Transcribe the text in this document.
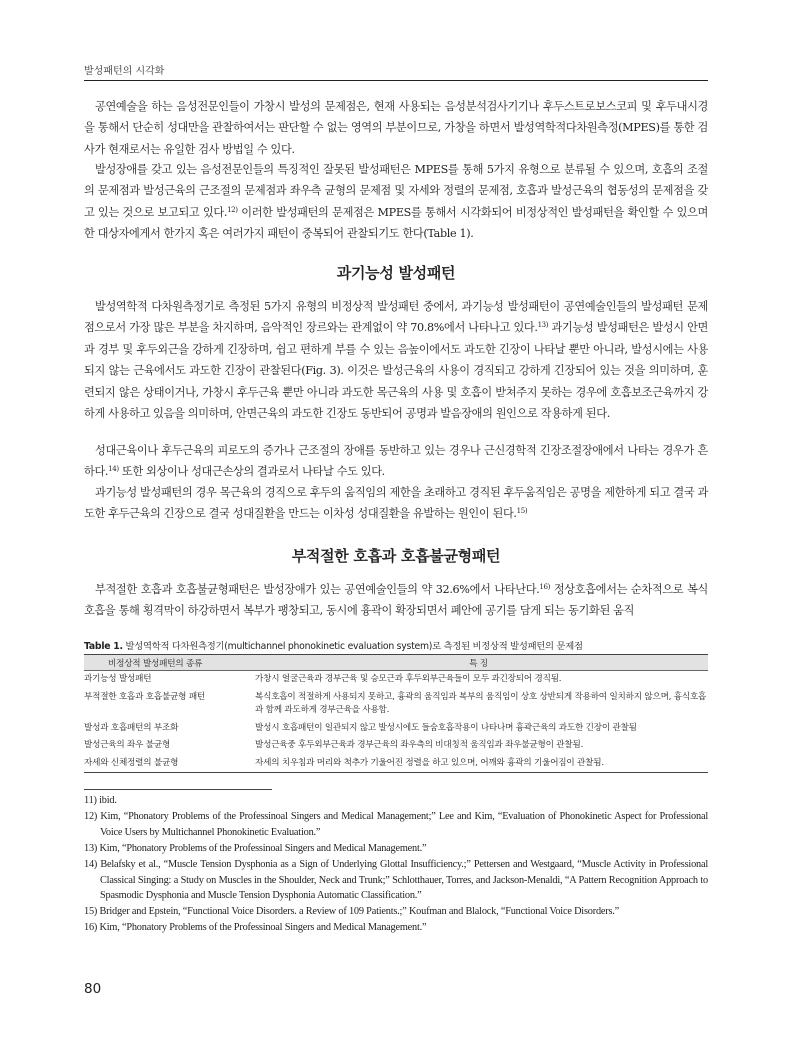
발성패턴의 시각화

공연예술을 하는 음성전문인들이 가창시 발성의 문제점은, 현재 사용되는 음성분석검사기기나 후두스트로보스코피 및 후두내시경을 통해서 단순히 성대만을 관찰하여서는 판단할 수 없는 영역의 부분이므로, 가창을 하면서 발성역학적다차원측정(MPES)를 통한 검사가 현재로서는 유일한 검사 방법일 수 있다.

발성장애를 갖고 있는 음성전문인들의 특징적인 잘못된 발성패턴은 MPES를 통해 5가지 유형으로 분류될 수 있으며, 호흡의 조절의 문제점과 발성근육의 근조절의 문제점과 좌우측 균형의 문제점 및 자세와 정렬의 문제점, 호흡과 발성근육의 협동성의 문제점을 갖고 있는 것으로 보고되고 있다.$^{12)}$ 이러한 발성패턴의 문제점은 MPES를 통해서 시각화되어 비정상적인 발성패턴을 확인할 수 있으며 한 대상자에게서 한가지 혹은 여러가지 패턴이 중복되어 관찰되기도 한다(Table 1).

과기능성 발성패턴

발성역학적 다차원측정기로 측정된 5가지 유형의 비정상적 발성패턴 중에서, 과기능성 발성패턴이 공연예술인들의 발성패턴 문제점으로서 가장 많은 부분을 차지하며, 음악적인 장르와는 관계없이 약 70.8%에서 나타나고 있다.$^{13)}$ 과기능성 발성패턴은 발성시 안면과 경부 및 후두외근을 강하게 긴장하며, 쉽고 편하게 부를 수 있는 음높이에서도 과도한 긴장이 나타날 뿐만 아니라, 발성시에는 사용되지 않는 근육에서도 과도한 긴장이 관찰된다(Fig. 3). 이것은 발성근육의 사용이 경직되고 강하게 긴장되어 있는 것을 의미하며, 훈련되지 않은 상태이거나, 가창시 후두근육 뿐만 아니라 과도한 목근육의 사용 및 호흡이 받쳐주지 못하는 경우에 호흡보조근육까지 강하게 사용하고 있음을 의미하며, 안면근육의 과도한 긴장도 동반되어 공명과 발음장애의 원인으로 작용하게 된다.

성대근육이나 후두근육의 피로도의 증가나 근조절의 장애를 동반하고 있는 경우나 근신경학적 긴장조절장애에서 나타는 경우가 흔하다.$^{14)}$ 또한 외상이나 성대근손상의 결과로서 나타날 수도 있다.

과기능성 발성패턴의 경우 목근육의 경직으로 후두의 움직임의 제한을 초래하고 경직된 후두움직임은 공명을 제한하게 되고 결국 과도한 후두근육의 긴장으로 결국 성대질환을 만드는 이차성 성대질환을 유발하는 원인이 된다.$^{15)}$

부적절한 호흡과 호흡불균형패턴

부적절한 호흡과 호흡불균형패턴은 발성장애가 있는 공연예술인들의 약 32.6%에서 나타난다.$^{16)}$ 정상호흡에서는 순차적으로 복식호흡을 통해 횡격막이 하강하면서 복부가 팽창되고, 동시에 흉곽이 확장되면서 폐안에 공기를 담게 되는 동기화된 움직

Table 1. 발성역학적 다차원측정기(multichannel phonokinetic evaluation system)로 측정된 비정상적 발성패턴의 문제점
비정상적 발성패턴의 종류	특 징
과기능성 발성패턴	가창시 얼굴근육과 경부근육 및 승모근과 후두외부근육들이 모두 과긴장되어 경직됨.

부적절한 호흡과 호흡불균형 패턴	복식호흡이 적절하게 사용되지 못하고, 흉곽의 움직임과 복부의 움직임이 상호 상반되게 작용하여 일치하지 않으며, 흉식호흡과 함께 과도하게 경부근육을 사용함.

발성과 호흡패턴의 부조화	발성시 호흡패턴이 일관되지 않고 발성시에도 들숨호흡작용이 나타나며 흉곽근육의 과도한 긴장이 관찰됨

발성근육의 좌우 불균형	발성근육중 후두외부근육과 경부근육의 좌우측의 비대칭적 움직임과 좌우불균형이 관찰됨.

자세와 신체정렬의 불균형	자세의 치우침과 머리와 척추가 기울어진 정렬을 하고 있으며, 어깨와 흉곽의 기울어짐이 관찰됨.
11) ibid.
12) Kim, “Phonatory Problems of the Professinoal Singers and Medical Management;” Lee and Kim, “Evaluation of Phonokinetic Aspect for Professional Voice Users by Multichannel Phonokinetic Evaluation.”
13) Kim, “Phonatory Problems of the Professinoal Singers and Medical Management.”
14) Belafsky et al., “Muscle Tension Dysphonia as a Sign of Underlying Glottal Insufficiency.;” Pettersen and Westgaard, “Muscle Activity in Professional Classical Singing: a Study on Muscles in the Shoulder, Neck and Trunk;” Schlotthauer, Torres, and Jackson-Menaldi, “A Pattern Recognition Approach to Spasmodic Dysphonia and Muscle Tension Dysphonia Automatic Classification.”
15) Bridger and Epstein, “Functional Voice Disorders. a Review of 109 Patients.;” Koufman and Blalock, “Functional Voice Disorders.”
16) Kim, “Phonatory Problems of the Professinoal Singers and Medical Management.”
80
